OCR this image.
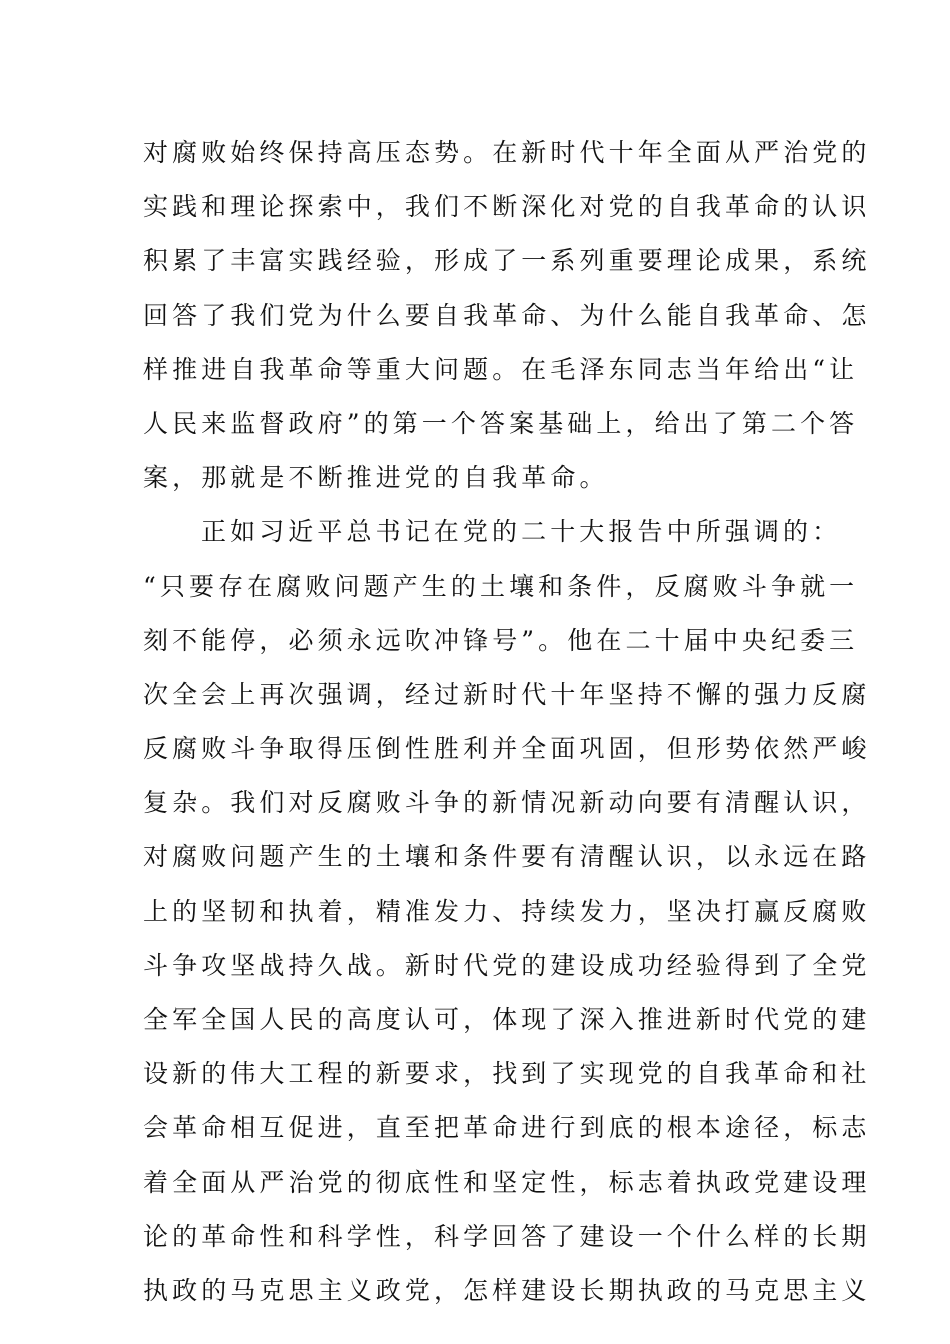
对腐败始终保持高压态势。在新时代十年全面从严治党的
实践和理论探索中，我们不断深化对党的自我革命的认识
积累了丰富实践经验，形成了一系列重要理论成果，系统
回答了我们党为什么要自我革命、为什么能自我革命、怎
样推进自我革命等重大问题。在毛泽东同志当年给出“让
人民来监督政府”的第一个答案基础上，给出了第二个答
案，那就是不断推进党的自我革命。
正如习近平总书记在党的二十大报告中所强调的：
“只要存在腐败问题产生的土壤和条件，反腐败斗争就一
刻不能停，必须永远吹冲锋号”。他在二十届中央纪委三
次全会上再次强调，经过新时代十年坚持不懈的强力反腐
反腐败斗争取得压倒性胜利并全面巩固，但形势依然严峻
复杂。我们对反腐败斗争的新情况新动向要有清醒认识，
对腐败问题产生的土壤和条件要有清醒认识，以永远在路
上的坚韧和执着，精准发力、持续发力，坚决打赢反腐败
斗争攻坚战持久战。新时代党的建设成功经验得到了全党
全军全国人民的高度认可，体现了深入推进新时代党的建
设新的伟大工程的新要求，找到了实现党的自我革命和社
会革命相互促进，直至把革命进行到底的根本途径，标志
着全面从严治党的彻底性和坚定性，标志着执政党建设理
论的革命性和科学性，科学回答了建设一个什么样的长期
执政的马克思主义政党，怎样建设长期执政的马克思主义
